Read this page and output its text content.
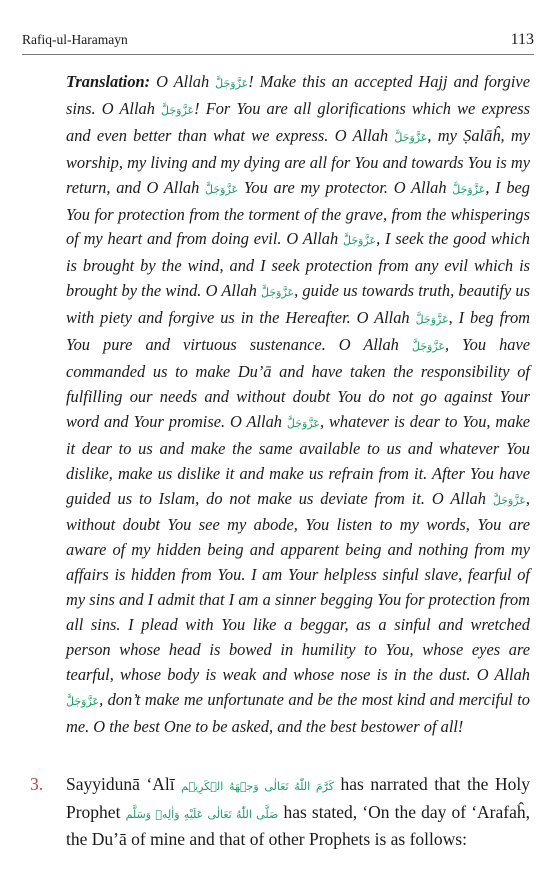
Rafiq-ul-Haramayn	113

Translation: O Allah عَزَّوَجَلَّ! Make this an accepted Hajj and forgive sins. O Allah عَزَّوَجَلَّ! For You are all glorifications which we express and even better than what we express. O Allah عَزَّوَجَلَّ, my Ṣalāĥ, my worship, my living and my dying are all for You and towards You is my return, and O Allah عَزَّوَجَلَّ You are my protector. O Allah عَزَّوَجَلَّ, I beg You for protection from the torment of the grave, from the whisperings of my heart and from doing evil. O Allah عَزَّوَجَلَّ, I seek the good which is brought by the wind, and I seek protection from any evil which is brought by the wind. O Allah عَزَّوَجَلَّ, guide us towards truth, beautify us with piety and forgive us in the Hereafter. O Allah عَزَّوَجَلَّ, I beg from You pure and virtuous sustenance. O Allah عَزَّوَجَلَّ, You have commanded us to make Du’ā and have taken the responsibility of fulfilling our needs and without doubt You do not go against Your word and Your promise. O Allah عَزَّوَجَلَّ, whatever is dear to You, make it dear to us and make the same available to us and whatever You dislike, make us dislike it and make us refrain from it. After You have guided us to Islam, do not make us deviate from it. O Allah عَزَّوَجَلَّ, without doubt You see my abode, You listen to my words, You are aware of my hidden being and apparent being and nothing from my affairs is hidden from You. I am Your helpless sinful slave, fearful of my sins and I admit that I am a sinner begging You for protection from all sins. I plead with You like a beggar, as a sinful and wretched person whose head is bowed in humility to You, whose eyes are tearful, whose body is weak and whose nose is in the dust. O Allah عَزَّوَجَلَّ, don’t make me unfortunate and be the most kind and merciful to me. O the best One to be asked, and the best bestower of all!

3. Sayyidunā ‘Alī كَرَّمَ اللّٰهُ تَعَالٰی وَجۡهَهُ الۡكَرِيۡم has narrated that the Holy Prophet صَلَّى اللّٰهُ تَعَالٰى عَلَيْهِ وَاٰلِهٖ وَسَلَّم has stated, ‘On the day of ‘Arafaĥ, the Du’ā of mine and that of other Prophets is as follows:
